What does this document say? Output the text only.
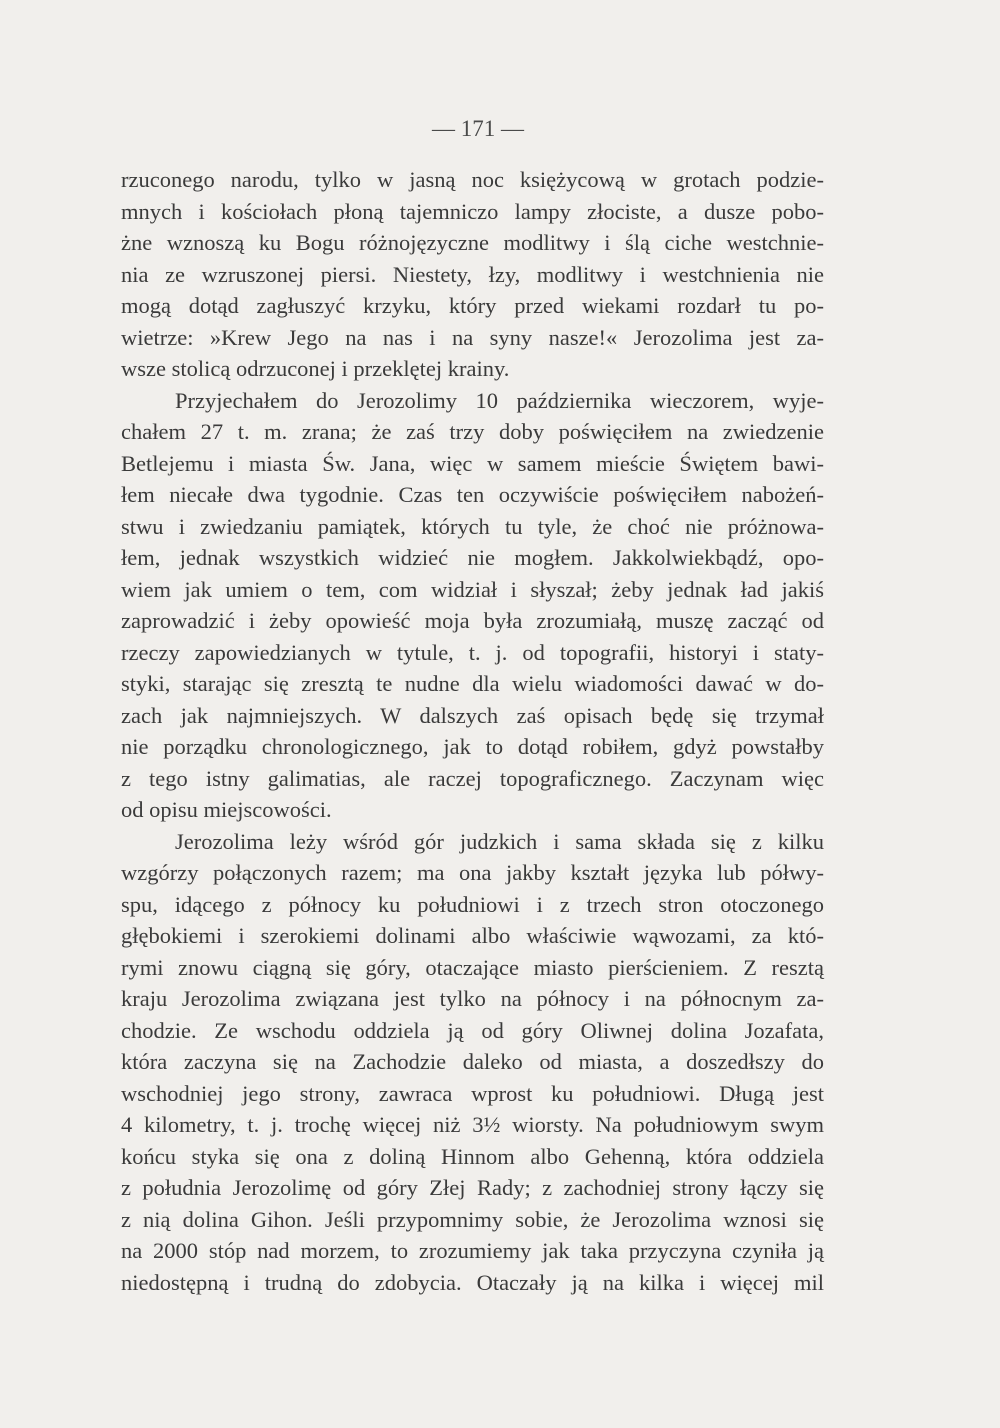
— 171 —
rzuconego narodu, tylko w jasną noc księżycową w grotach podzie-
mnych i kościołach płoną tajemniczo lampy złociste, a dusze pobo-
żne wznoszą ku Bogu różnojęzyczne modlitwy i ślą ciche westchnie-
nia ze wzruszonej piersi. Niestety, łzy, modlitwy i westchnienia nie
mogą dotąd zagłuszyć krzyku, który przed wiekami rozdarł tu po-
wietrze: »Krew Jego na nas i na syny nasze!« Jerozolima jest za-
wsze stolicą odrzuconej i przeklętej krainy.
Przyjechałem do Jerozolimy 10 października wieczorem, wyje-
chałem 27 t. m. zrana; że zaś trzy doby poświęciłem na zwiedzenie
Betlejemu i miasta Św. Jana, więc w samem mieście Świętem bawi-
łem niecałe dwa tygodnie. Czas ten oczywiście poświęciłem nabożeń-
stwu i zwiedzaniu pamiątek, których tu tyle, że choć nie próżnowa-
łem, jednak wszystkich widzieć nie mogłem. Jakkolwiekbądź, opo-
wiem jak umiem o tem, com widział i słyszał; żeby jednak ład jakiś
zaprowadzić i żeby opowieść moja była zrozumiałą, muszę zacząć od
rzeczy zapowiedzianych w tytule, t. j. od topografii, historyi i staty-
styki, starając się zresztą te nudne dla wielu wiadomości dawać w do-
zach jak najmniejszych. W dalszych zaś opisach będę się trzymał
nie porządku chronologicznego, jak to dotąd robiłem, gdyż powstałby
z tego istny galimatias, ale raczej topograficznego. Zaczynam więc
od opisu miejscowości.
Jerozolima leży wśród gór judzkich i sama składa się z kilku
wzgórzy połączonych razem; ma ona jakby kształt języka lub półwy-
spu, idącego z północy ku południowi i z trzech stron otoczonego
głębokiemi i szerokiemi dolinami albo właściwie wąwozami, za któ-
rymi znowu ciągną się góry, otaczające miasto pierścieniem. Z resztą
kraju Jerozolima związana jest tylko na północy i na północnym za-
chodzie. Ze wschodu oddziela ją od góry Oliwnej dolina Jozafata,
która zaczyna się na Zachodzie daleko od miasta, a doszedłszy do
wschodniej jego strony, zawraca wprost ku południowi. Długą jest
4 kilometry, t. j. trochę więcej niż 3½ wiorsty. Na południowym swym
końcu styka się ona z doliną Hinnom albo Gehenną, która oddziela
z południa Jerozolimę od góry Złej Rady; z zachodniej strony łączy się
z nią dolina Gihon. Jeśli przypomnimy sobie, że Jerozolima wznosi się
na 2000 stóp nad morzem, to zrozumiemy jak taka przyczyna czyniła ją
niedostępną i trudną do zdobycia. Otaczały ją na kilka i więcej mil
